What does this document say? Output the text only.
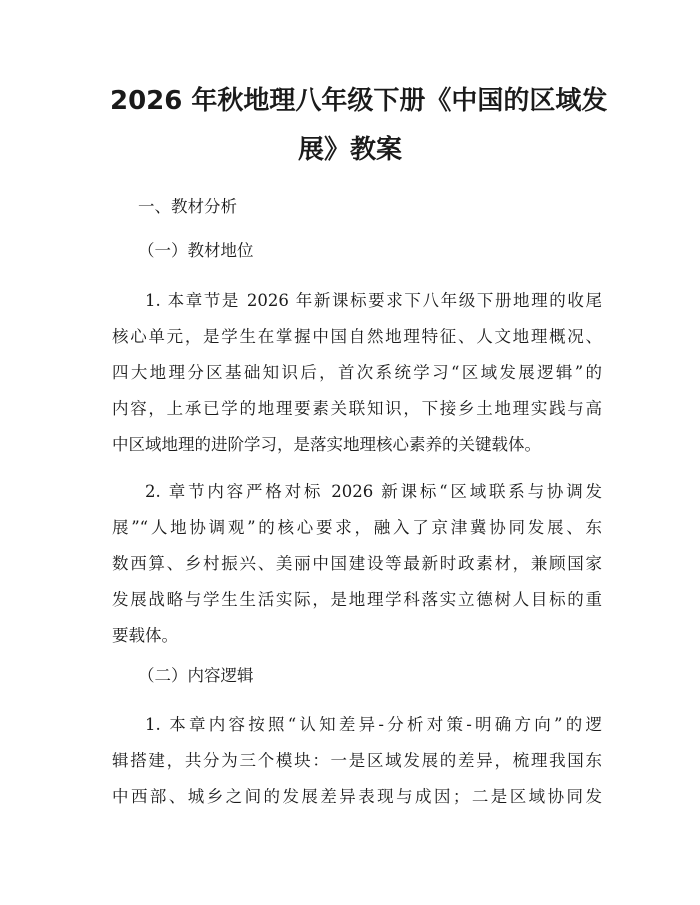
2026 年秋地理八年级下册《中国的区域发
展》教案
一、教材分析
（一）教材地位

1. 本章节是 2026 年新课标要求下八年级下册地理的收尾
核心单元，是学生在掌握中国自然地理特征、人文地理概况、
四大地理分区基础知识后，首次系统学习“区域发展逻辑”的
内容，上承已学的地理要素关联知识，下接乡土地理实践与高
中区域地理的进阶学习，是落实地理核心素养的关键载体。

2. 章节内容严格对标 2026 新课标“区域联系与协调发
展”“人地协调观”的核心要求，融入了京津冀协同发展、东
数西算、乡村振兴、美丽中国建设等最新时政素材，兼顾国家
发展战略与学生生活实际，是地理学科落实立德树人目标的重
要载体。

（二）内容逻辑

1. 本章内容按照“认知差异-分析对策-明确方向”的逻
辑搭建，共分为三个模块：一是区域发展的差异，梳理我国东
中西部、城乡之间的发展差异表现与成因；二是区域协同发
